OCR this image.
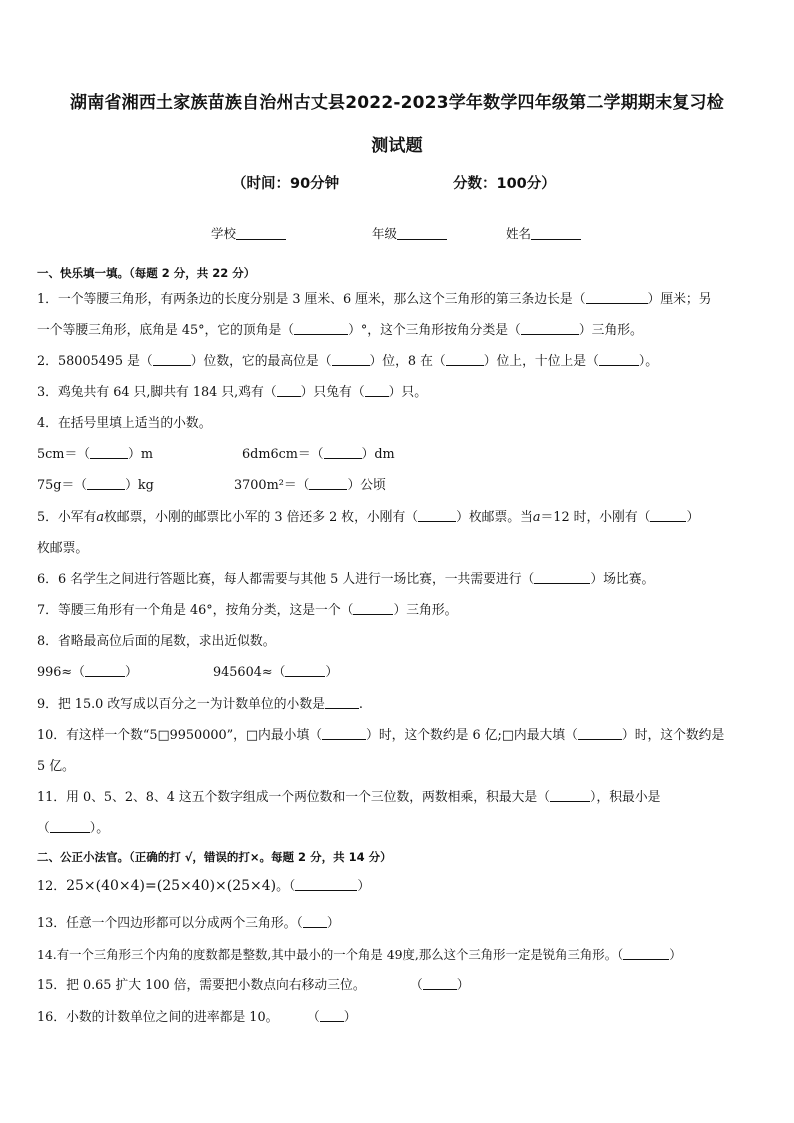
湖南省湘西土家族苗族自治州古丈县2022-2023学年数学四年级第二学期期末复习检
测试题
（时间：90分钟	分数：100分）
学校	年级	姓名
一、快乐填一填。（每题 2 分，共 22 分）
1．一个等腰三角形，有两条边的长度分别是 3 厘米、6 厘米，那么这个三角形的第三条边长是（	）厘米；另
一个等腰三角形，底角是 45°，它的顶角是（	）°，这个三角形按角分类是（	）三角形。
2．58005495 是（	）位数，它的最高位是（	）位，8 在（	）位上，十位上是（	）。
3．鸡兔共有 64 只,脚共有 184 只,鸡有（ ）只兔有（ ）只。
4．在括号里填上适当的小数。
5cm＝（	）m	6dm6cm＝（	）dm
75g＝（	）kg	3700m²＝（	）公顷
5．小军有a枚邮票，小刚的邮票比小军的 3 倍还多 2 枚，小刚有（	）枚邮票。当a＝12 时，小刚有（	）
枚邮票。
6．6 名学生之间进行答题比赛，每人都需要与其他 5 人进行一场比赛，一共需要进行（	）场比赛。
7．等腰三角形有一个角是 46°，按角分类，这是一个（	）三角形。
8．省略最高位后面的尾数，求出近似数。
996≈（	）	945604≈（	）
9．把 15.0 改写成以百分之一为计数单位的小数是	.
10．有这样一个数“5□9950000”，□内最小填（	）时，这个数约是 6 亿;□内最大填（	）时，这个数约是
5 亿。
11．用 0、5、2、8、4 这五个数字组成一个两位数和一个三位数，两数相乘，积最大是（	），积最小是
（	）。
二、公正小法官。（正确的打 √，错误的打×。每题 2 分，共 14 分）
12．25×(40×4)=(25×40)×(25×4)。（	）
13．任意一个四边形都可以分成两个三角形。（ ）
14.有一个三角形三个内角的度数都是整数,其中最小的一个角是 49度,那么这个三角形一定是锐角三角形。（	）
15．把 0.65 扩大 100 倍，需要把小数点向右移动三位。	（	）
16．小数的计数单位之间的进率都是 10。 （ ）
